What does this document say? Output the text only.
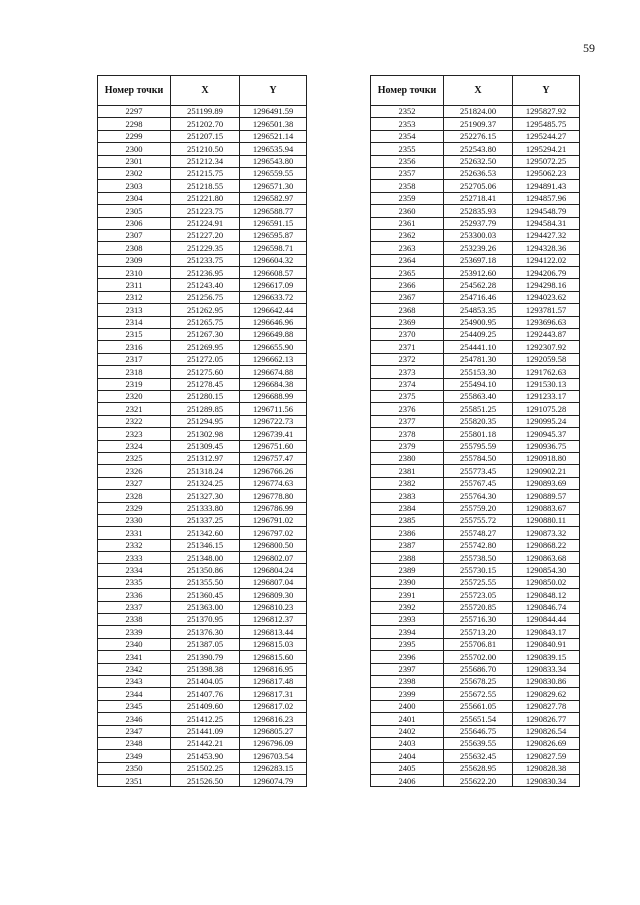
59
Номер точки	X	Y
2297	251199.89	1296491.59
2298	251202.70	1296501.38
2299	251207.15	1296521.14
2300	251210.50	1296535.94
2301	251212.34	1296543.80
2302	251215.75	1296559.55
2303	251218.55	1296571.30
2304	251221.80	1296582.97
2305	251223.75	1296588.77
2306	251224.91	1296591.15
2307	251227.20	1296595.87
2308	251229.35	1296598.71
2309	251233.75	1296604.32
2310	251236.95	1296608.57
2311	251243.40	1296617.09
2312	251256.75	1296633.72
2313	251262.95	1296642.44
2314	251265.75	1296646.96
2315	251267.30	1296649.88
2316	251269.95	1296655.90
2317	251272.05	1296662.13
2318	251275.60	1296674.88
2319	251278.45	1296684.38
2320	251280.15	1296688.99
2321	251289.85	1296711.56
2322	251294.95	1296722.73
2323	251302.98	1296739.41
2324	251309.45	1296751.60
2325	251312.97	1296757.47
2326	251318.24	1296766.26
2327	251324.25	1296774.63
2328	251327.30	1296778.80
2329	251333.80	1296786.99
2330	251337.25	1296791.02
2331	251342.60	1296797.02
2332	251346.15	1296800.50
2333	251348.00	1296802.07
2334	251350.86	1296804.24
2335	251355.50	1296807.04
2336	251360.45	1296809.30
2337	251363.00	1296810.23
2338	251370.95	1296812.37
2339	251376.30	1296813.44
2340	251387.05	1296815.03
2341	251390.79	1296815.60
2342	251398.38	1296816.95
2343	251404.05	1296817.48
2344	251407.76	1296817.31
2345	251409.60	1296817.02
2346	251412.25	1296816.23
2347	251441.09	1296805.27
2348	251442.21	1296796.09
2349	251453.90	1296703.54
2350	251502.25	1296283.15
2351	251526.50	1296074.79
Номер точки	X	Y
2352	251824.00	1295827.92
2353	251909.37	1295485.75
2354	252276.15	1295244.27
2355	252543.80	1295294.21
2356	252632.50	1295072.25
2357	252636.53	1295062.23
2358	252705.06	1294891.43
2359	252718.41	1294857.96
2360	252835.93	1294548.79
2361	252937.79	1294584.31
2362	253300.03	1294427.32
2363	253239.26	1294328.36
2364	253697.18	1294122.02
2365	253912.60	1294206.79
2366	254562.28	1294298.16
2367	254716.46	1294023.62
2368	254853.35	1293781.57
2369	254900.95	1293696.63
2370	254409.25	1292443.87
2371	254441.10	1292307.92
2372	254781.30	1292059.58
2373	255153.30	1291762.63
2374	255494.10	1291530.13
2375	255863.40	1291233.17
2376	255851.25	1291075.28
2377	255820.35	1290995.24
2378	255801.18	1290945.37
2379	255795.59	1290936.75
2380	255784.50	1290918.80
2381	255773.45	1290902.21
2382	255767.45	1290893.69
2383	255764.30	1290889.57
2384	255759.20	1290883.67
2385	255755.72	1290880.11
2386	255748.27	1290873.32
2387	255742.80	1290868.22
2388	255738.50	1290863.68
2389	255730.15	1290854.30
2390	255725.55	1290850.02
2391	255723.05	1290848.12
2392	255720.85	1290846.74
2393	255716.30	1290844.44
2394	255713.20	1290843.17
2395	255706.81	1290840.91
2396	255702.00	1290839.15
2397	255686.70	1290833.34
2398	255678.25	1290830.86
2399	255672.55	1290829.62
2400	255661.05	1290827.78
2401	255651.54	1290826.77
2402	255646.75	1290826.54
2403	255639.55	1290826.69
2404	255632.45	1290827.59
2405	255628.95	1290828.38
2406	255622.20	1290830.34
